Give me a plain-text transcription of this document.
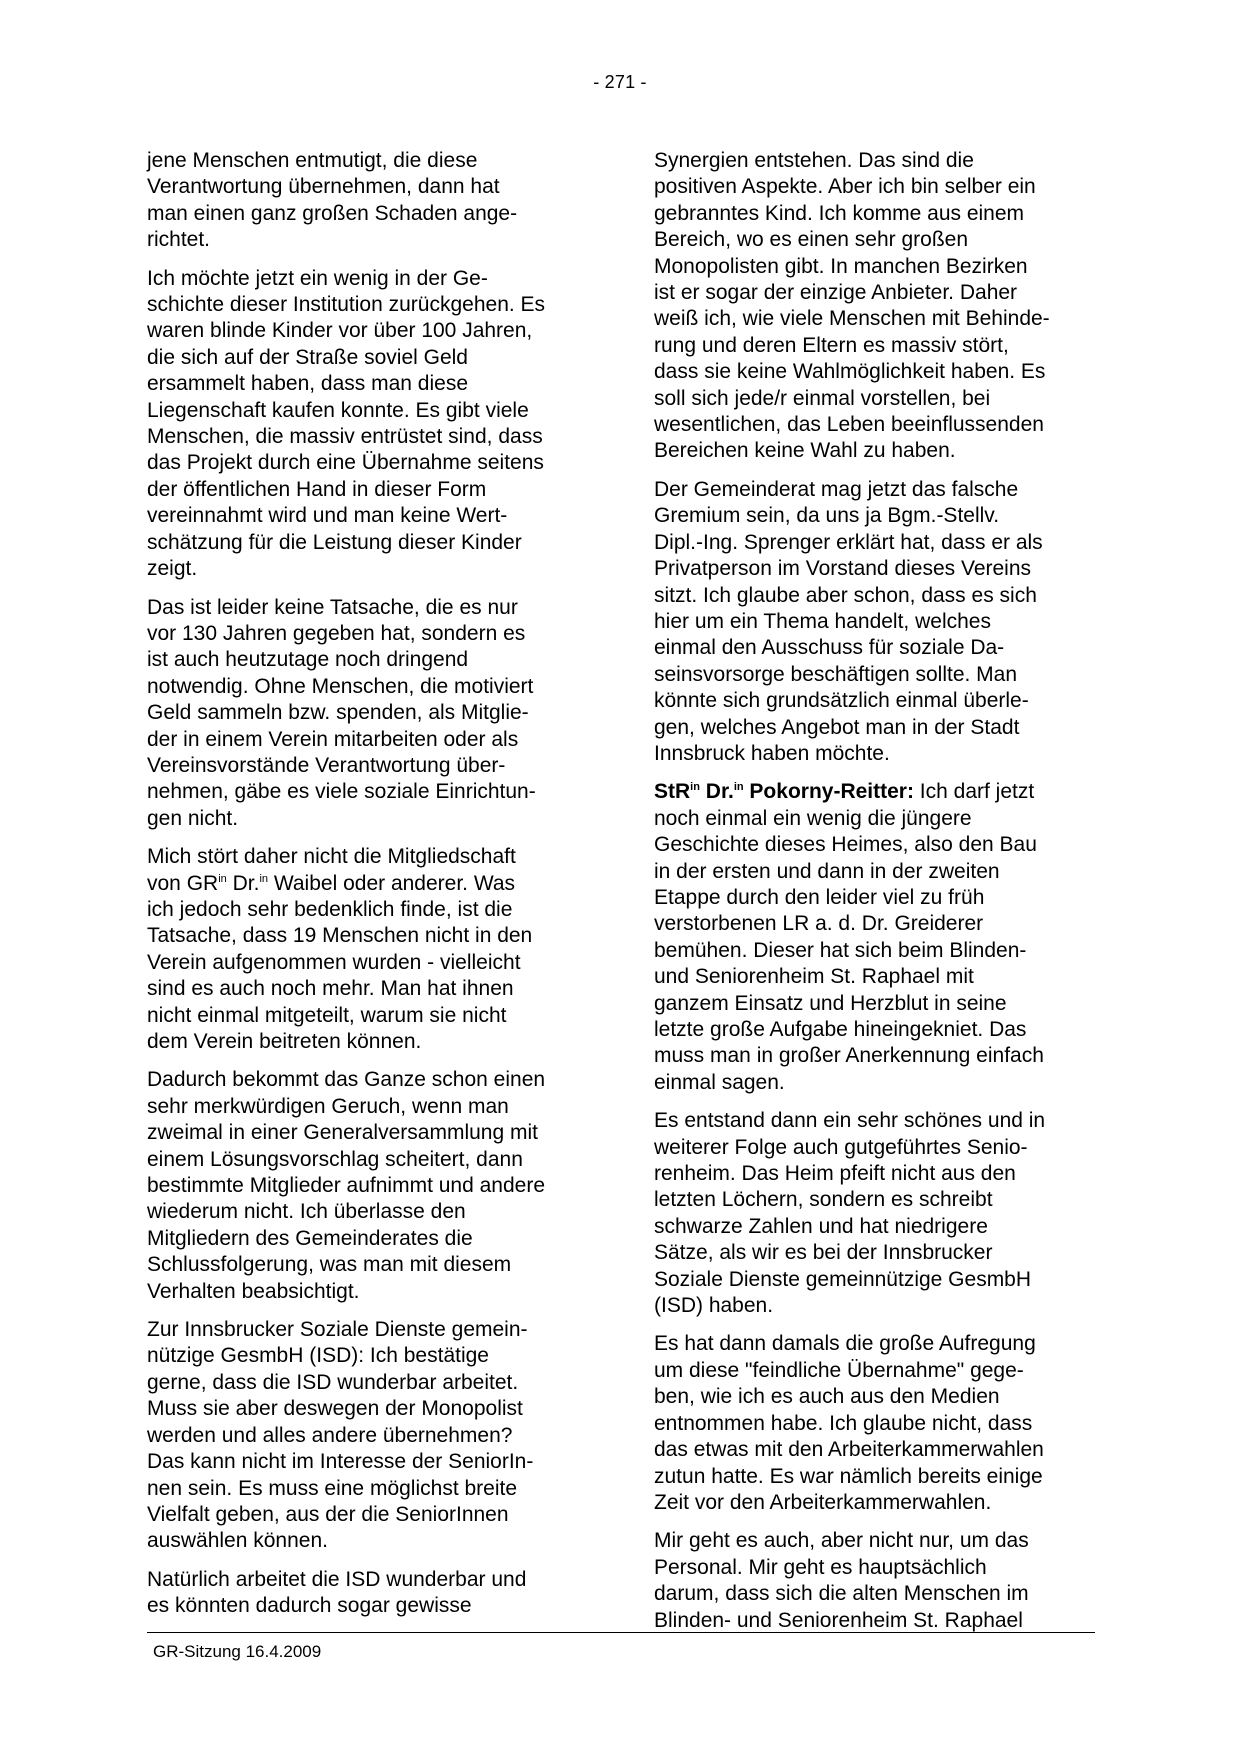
- 271 -

jene Menschen entmutigt, die diese
Verantwortung übernehmen, dann hat
man einen ganz großen Schaden ange-
richtet.

Ich möchte jetzt ein wenig in der Ge-
schichte dieser Institution zurückgehen. Es
waren blinde Kinder vor über 100 Jahren,
die sich auf der Straße soviel Geld
ersammelt haben, dass man diese
Liegenschaft kaufen konnte. Es gibt viele
Menschen, die massiv entrüstet sind, dass
das Projekt durch eine Übernahme seitens
der öffentlichen Hand in dieser Form
vereinnahmt wird und man keine Wert-
schätzung für die Leistung dieser Kinder
zeigt.

Das ist leider keine Tatsache, die es nur
vor 130 Jahren gegeben hat, sondern es
ist auch heutzutage noch dringend
notwendig. Ohne Menschen, die motiviert
Geld sammeln bzw. spenden, als Mitglie-
der in einem Verein mitarbeiten oder als
Vereinsvorstände Verantwortung über-
nehmen, gäbe es viele soziale Einrichtun-
gen nicht.

Mich stört daher nicht die Mitgliedschaft
von $GR^{in}$ Dr.$^{in}$ Waibel oder anderer. Was
ich jedoch sehr bedenklich finde, ist die
Tatsache, dass 19 Menschen nicht in den
Verein aufgenommen wurden - vielleicht
sind es auch noch mehr. Man hat ihnen
nicht einmal mitgeteilt, warum sie nicht
dem Verein beitreten können.

Dadurch bekommt das Ganze schon einen
sehr merkwürdigen Geruch, wenn man
zweimal in einer Generalversammlung mit
einem Lösungsvorschlag scheitert, dann
bestimmte Mitglieder aufnimmt und andere
wiederum nicht. Ich überlasse den
Mitgliedern des Gemeinderates die
Schlussfolgerung, was man mit diesem
Verhalten beabsichtigt.

Zur Innsbrucker Soziale Dienste gemein-
nützige GesmbH (ISD): Ich bestätige
gerne, dass die ISD wunderbar arbeitet.
Muss sie aber deswegen der Monopolist
werden und alles andere übernehmen?
Das kann nicht im Interesse der SeniorIn-
nen sein. Es muss eine möglichst breite
Vielfalt geben, aus der die SeniorInnen
auswählen können.

Natürlich arbeitet die ISD wunderbar und
es könnten dadurch sogar gewisse

Synergien entstehen. Das sind die
positiven Aspekte. Aber ich bin selber ein
gebranntes Kind. Ich komme aus einem
Bereich, wo es einen sehr großen
Monopolisten gibt. In manchen Bezirken
ist er sogar der einzige Anbieter. Daher
weiß ich, wie viele Menschen mit Behinde-
rung und deren Eltern es massiv stört,
dass sie keine Wahlmöglichkeit haben. Es
soll sich jede/r einmal vorstellen, bei
wesentlichen, das Leben beeinflussenden
Bereichen keine Wahl zu haben.

Der Gemeinderat mag jetzt das falsche
Gremium sein, da uns ja Bgm.-Stellv.
Dipl.-Ing. Sprenger erklärt hat, dass er als
Privatperson im Vorstand dieses Vereins
sitzt. Ich glaube aber schon, dass es sich
hier um ein Thema handelt, welches
einmal den Ausschuss für soziale Da-
seinsvorsorge beschäftigen sollte. Man
könnte sich grundsätzlich einmal überle-
gen, welches Angebot man in der Stadt
Innsbruck haben möchte.

StR$^{in}$ Dr.$^{in}$ Pokorny-Reitter: Ich darf jetzt
noch einmal ein wenig die jüngere
Geschichte dieses Heimes, also den Bau
in der ersten und dann in der zweiten
Etappe durch den leider viel zu früh
verstorbenen LR a. d. Dr. Greiderer
bemühen. Dieser hat sich beim Blinden-
und Seniorenheim St. Raphael mit
ganzem Einsatz und Herzblut in seine
letzte große Aufgabe hineingekniet. Das
muss man in großer Anerkennung einfach
einmal sagen.

Es entstand dann ein sehr schönes und in
weiterer Folge auch gutgeführtes Senio-
renheim. Das Heim pfeift nicht aus den
letzten Löchern, sondern es schreibt
schwarze Zahlen und hat niedrigere
Sätze, als wir es bei der Innsbrucker
Soziale Dienste gemeinnützige GesmbH
(ISD) haben.

Es hat dann damals die große Aufregung
um diese "feindliche Übernahme" gege-
ben, wie ich es auch aus den Medien
entnommen habe. Ich glaube nicht, dass
das etwas mit den Arbeiterkammerwahlen
zutun hatte. Es war nämlich bereits einige
Zeit vor den Arbeiterkammerwahlen.

Mir geht es auch, aber nicht nur, um das
Personal. Mir geht es hauptsächlich
darum, dass sich die alten Menschen im
Blinden- und Seniorenheim St. Raphael

GR-Sitzung 16.4.2009
